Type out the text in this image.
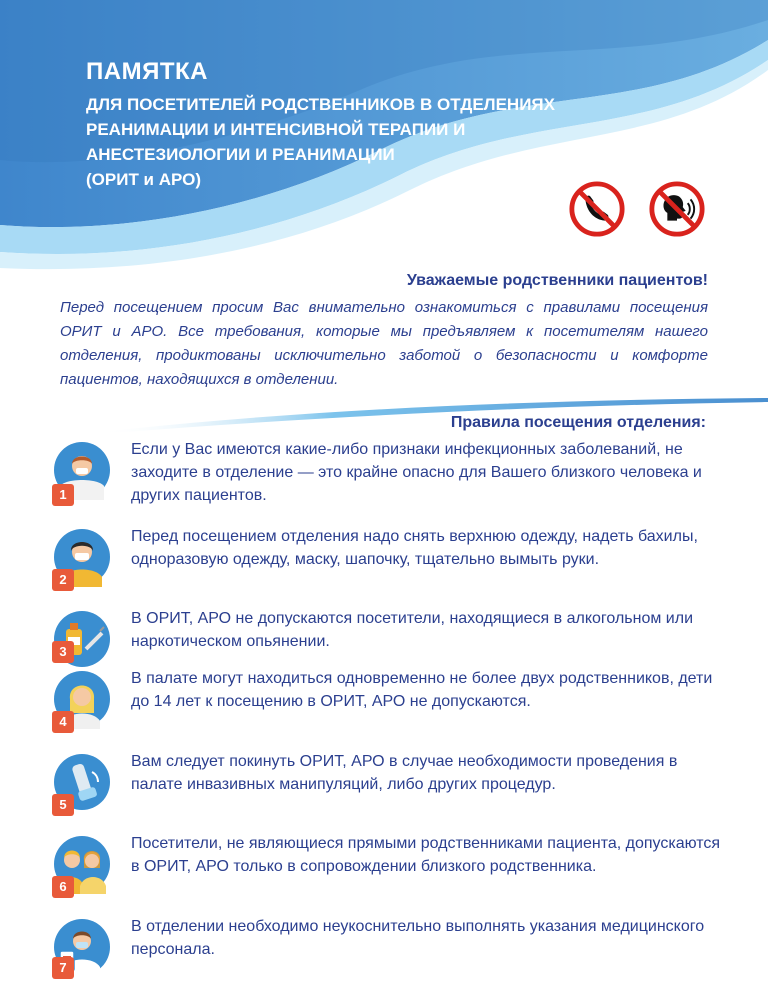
ПАМЯТКА

ДЛЯ ПОСЕТИТЕЛЕЙ РОДСТВЕННИКОВ В ОТДЕЛЕНИЯХ

РЕАНИМАЦИИ И ИНТЕНСИВНОЙ ТЕРАПИИ И

АНЕСТЕЗИОЛОГИИ И РЕАНИМАЦИИ

(ОРИТ и АРО)

Уважаемые родственники пациентов!

Перед посещением просим Вас внимательно ознакомиться с правилами посещения ОРИТ и АРО. Все требования, которые мы предъявляем к посетителям нашего отделения, продиктованы исключительно заботой о безопасности и комфорте пациентов, находящихся в отделении.

Правила посещения отделения:
1

Если у Вас имеются какие-либо признаки инфекционных заболеваний, не заходите в отделение — это крайне опасно для Вашего близкого человека и других пациентов.

2

Перед посещением отделения надо снять верхнюю одежду, надеть бахилы, одноразовую одежду, маску, шапочку, тщательно вымыть руки.

3

В ОРИТ, АРО не допускаются посетители, находящиеся в алкогольном или наркотическом опьянении.

4

В палате могут находиться одновременно не более двух родственников, дети до 14 лет к посещению в ОРИТ, АРО не допускаются.

5

Вам следует покинуть ОРИТ, АРО в случае необходимости проведения в палате инвазивных манипуляций, либо других процедур.

6

Посетители, не являющиеся прямыми родственниками пациента, допускаются в ОРИТ, АРО только в сопровождении близкого родственника.

7

В отделении необходимо неукоснительно выполнять указания медицинского персонала.
